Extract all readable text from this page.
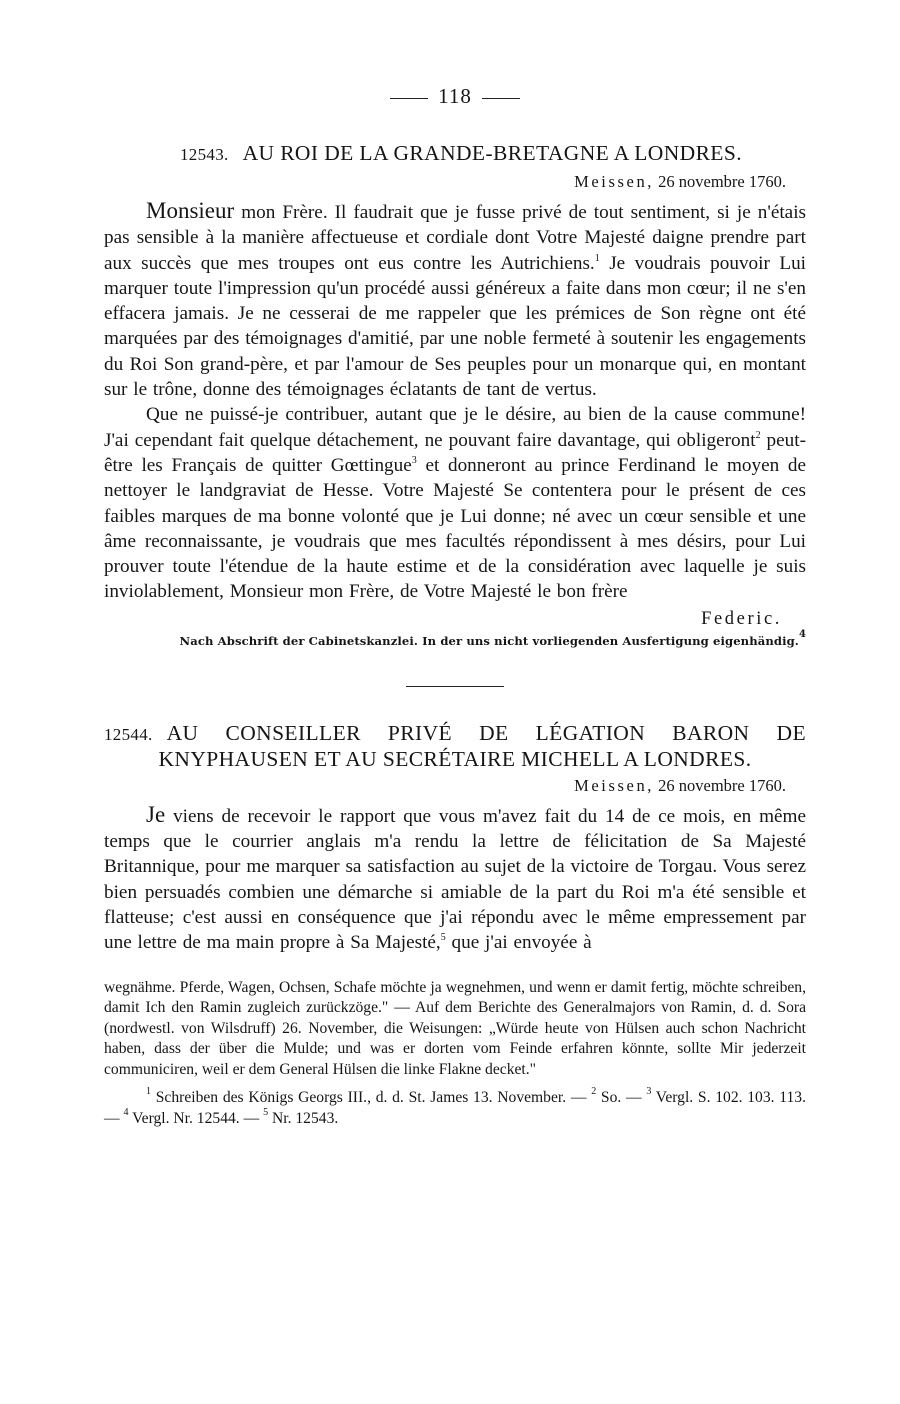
118
12543. AU ROI DE LA GRANDE-BRETAGNE A LONDRES.
Meissen, 26 novembre 1760.

Monsieur mon Frère. Il faudrait que je fusse privé de tout sentiment, si je n'étais pas sensible à la manière affectueuse et cordiale dont Votre Majesté daigne prendre part aux succès que mes troupes ont eus contre les Autrichiens.$^1$ Je voudrais pouvoir Lui marquer toute l'impression qu'un procédé aussi généreux a faite dans mon cœur; il ne s'en effacera jamais. Je ne cesserai de me rappeler que les prémices de Son règne ont été marquées par des témoignages d'amitié, par une noble fermeté à soutenir les engagements du Roi Son grand-père, et par l'amour de Ses peuples pour un monarque qui, en montant sur le trône, donne des témoignages éclatants de tant de vertus.

Que ne puissé-je contribuer, autant que je le désire, au bien de la cause commune! J'ai cependant fait quelque détachement, ne pouvant faire davantage, qui obligeront$^2$ peut-être les Français de quitter Gœttingue$^3$ et donneront au prince Ferdinand le moyen de nettoyer le landgraviat de Hesse. Votre Majesté Se contentera pour le présent de ces faibles marques de ma bonne volonté que je Lui donne; né avec un cœur sensible et une âme reconnaissante, je voudrais que mes facultés répondissent à mes désirs, pour Lui prouver toute l'étendue de la haute estime et de la considération avec laquelle je suis inviolablement, Monsieur mon Frère, de Votre Majesté le bon frère

Federic.
Nach Abschrift der Cabinetskanzlei. In der uns nicht vorliegenden Ausfertigung eigenhändig.$^4$
12544. AU CONSEILLER PRIVÉ DE LÉGATION BARON DE KNYPHAUSEN ET AU SECRÉTAIRE MICHELL A LONDRES.
Meissen, 26 novembre 1760.

Je viens de recevoir le rapport que vous m'avez fait du 14 de ce mois, en même temps que le courrier anglais m'a rendu la lettre de félicitation de Sa Majesté Britannique, pour me marquer sa satisfaction au sujet de la victoire de Torgau. Vous serez bien persuadés combien une démarche si amiable de la part du Roi m'a été sensible et flatteuse; c'est aussi en conséquence que j'ai répondu avec le même empressement par une lettre de ma main propre à Sa Majesté,$^5$ que j'ai envoyée à

wegnähme. Pferde, Wagen, Ochsen, Schafe möchte ja wegnehmen, und wenn er damit fertig, möchte schreiben, damit Ich den Ramin zugleich zurückzöge." — Auf dem Berichte des Generalmajors von Ramin, d. d. Sora (nordwestl. von Wilsdruff) 26. November, die Weisungen: „Würde heute von Hülsen auch schon Nachricht haben, dass der über die Mulde; und was er dorten vom Feinde erfahren könnte, sollte Mir jederzeit communiciren, weil er dem General Hülsen die linke Flakne decket."

$^1$ Schreiben des Königs Georgs III., d. d. St. James 13. November. — $^2$ So. — $^3$ Vergl. S. 102. 103. 113. — $^4$ Vergl. Nr. 12544. — $^5$ Nr. 12543.
